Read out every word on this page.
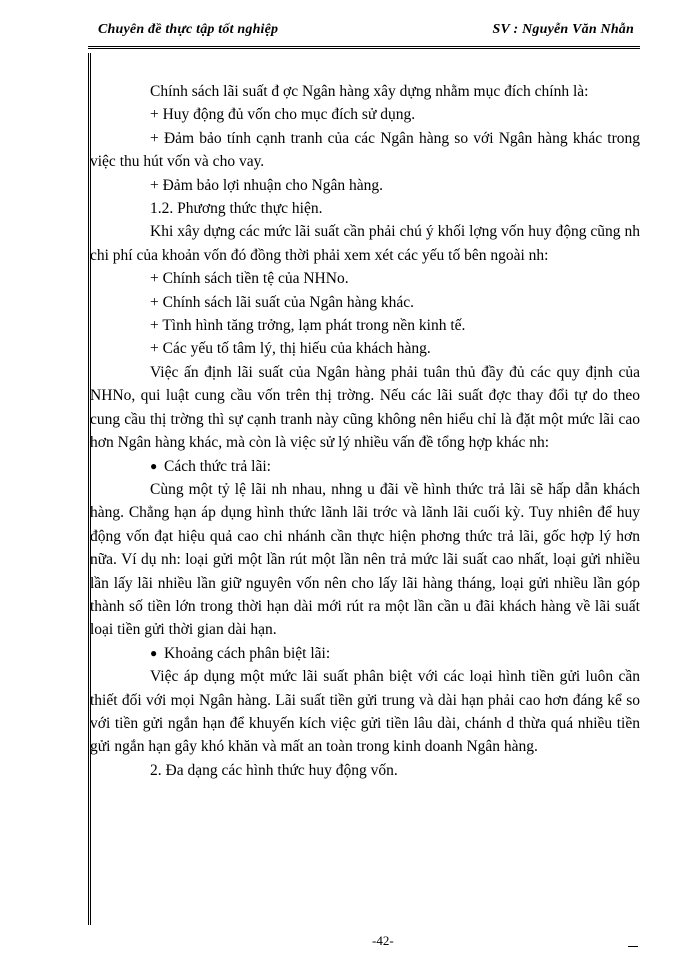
Chuyên đề thực tập tốt nghiệp	SV : Nguyễn Văn Nhẫn

Chính sách lãi suất đ ợc Ngân hàng xây dựng nhằm mục đích chính là:

+ Huy động đủ vốn cho mục đích sử dụng.

+ Đảm bảo tính cạnh tranh của các Ngân hàng so với Ngân hàng khác trong việc thu hút vốn và cho vay.

+ Đảm bảo lợi nhuận cho Ngân hàng.

1.2. Phương thức thực hiện.

Khi xây dựng các mức lãi suất cần phải chú ý khối lợng vốn huy động cũng nh chi phí của khoản vốn đó đồng thời phải xem xét các yếu tố bên ngoài nh:

+ Chính sách tiền tệ của NHNo.

+ Chính sách lãi suất của Ngân hàng khác.

+ Tình hình tăng trởng, lạm phát trong nền kinh tế.

+ Các yếu tố tâm lý, thị hiếu của khách hàng.

Việc ấn định lãi suất của Ngân hàng phải tuân thủ đầy đủ các quy định của NHNo, qui luật cung cầu vốn trên thị trờng. Nếu các lãi suất đợc thay đổi tự do theo cung cầu thị trờng thì sự cạnh tranh này cũng không nên hiểu chỉ là đặt một mức lãi cao hơn Ngân hàng khác, mà còn là việc sử lý nhiều vấn đề tổng hợp khác nh:

● Cách thức trả lãi:

Cùng một tỷ lệ lãi nh nhau, nhng u đãi về hình thức trả lãi sẽ hấp dẫn khách hàng. Chẳng hạn áp dụng hình thức lãnh lãi trớc và lãnh lãi cuối kỳ. Tuy nhiên để huy động vốn đạt hiệu quả cao chi nhánh cần thực hiện phơng thức trả lãi, gốc hợp lý hơn nữa. Ví dụ nh: loại gửi một lần rút một lần nên trả mức lãi suất cao nhất, loại gửi nhiều lần lấy lãi nhiều lần giữ nguyên vốn nên cho lấy lãi hàng tháng, loại gửi nhiều lần góp thành số tiền lớn trong thời hạn dài mới rút ra một lần cần u đãi khách hàng về lãi suất loại tiền gửi thời gian dài hạn.

● Khoảng cách phân biệt lãi:

Việc áp dụng một mức lãi suất phân biệt với các loại hình tiền gửi luôn cần thiết đối với mọi Ngân hàng. Lãi suất tiền gửi trung và dài hạn phải cao hơn đáng kể so với tiền gửi ngắn hạn để khuyến kích việc gửi tiền lâu dài, chánh d thừa quá nhiều tiền gửi ngắn hạn gây khó khăn và mất an toàn trong kinh doanh Ngân hàng.

2. Đa dạng các hình thức huy động vốn.

-42-
